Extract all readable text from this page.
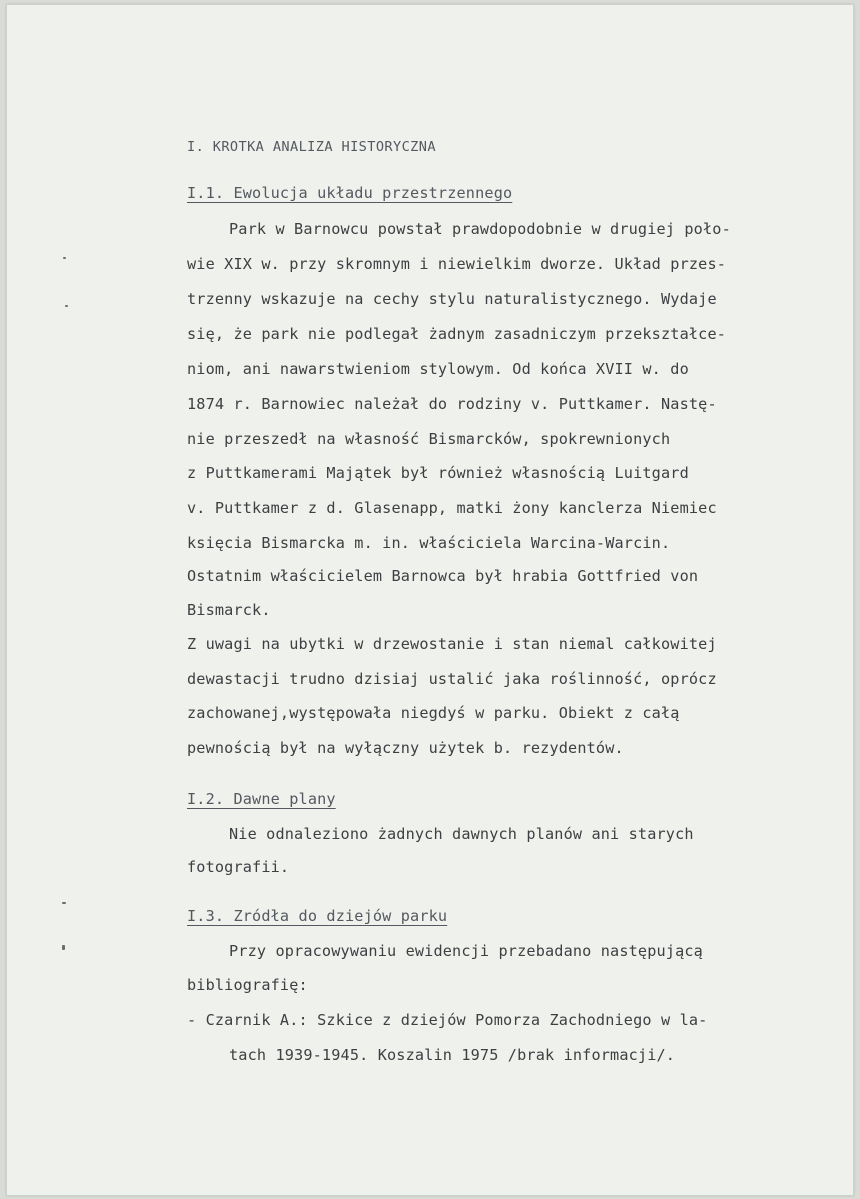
I. KROTKA ANALIZA HISTORYCZNA
I.1. Ewolucja układu przestrzennego
Park w Barnowcu powstał prawdopodobnie w drugiej poło-
wie XIX w. przy skromnym i niewielkim dworze. Układ przes-
trzenny wskazuje na cechy stylu naturalistycznego. Wydaje
się, że park nie podlegał żadnym zasadniczym przekształce-
niom, ani nawarstwieniom stylowym. Od końca XVII w. do
1874 r. Barnowiec należał do rodziny v. Puttkamer. Nastę-
nie przeszedł na własność Bismarcków, spokrewnionych
z Puttkamerami Majątek był również własnością Luitgard
v. Puttkamer z d. Glasenapp, matki żony kanclerza Niemiec
księcia Bismarcka m. in. właściciela Warcina-Warcin.
Ostatnim właścicielem Barnowca był hrabia Gottfried von
Bismarck.
Z uwagi na ubytki w drzewostanie i stan niemal całkowitej
dewastacji trudno dzisiaj ustalić jaka roślinność, oprócz
zachowanej,występowała niegdyś w parku. Obiekt z całą
pewnością był na wyłączny użytek b. rezydentów.
I.2. Dawne plany
Nie odnaleziono żadnych dawnych planów ani starych
fotografii.
I.3. Zródła do dziejów parku
Przy opracowywaniu ewidencji przebadano następującą
bibliografię:
- Czarnik A.: Szkice z dziejów Pomorza Zachodniego w la-
tach 1939-1945. Koszalin 1975 /brak informacji/.
